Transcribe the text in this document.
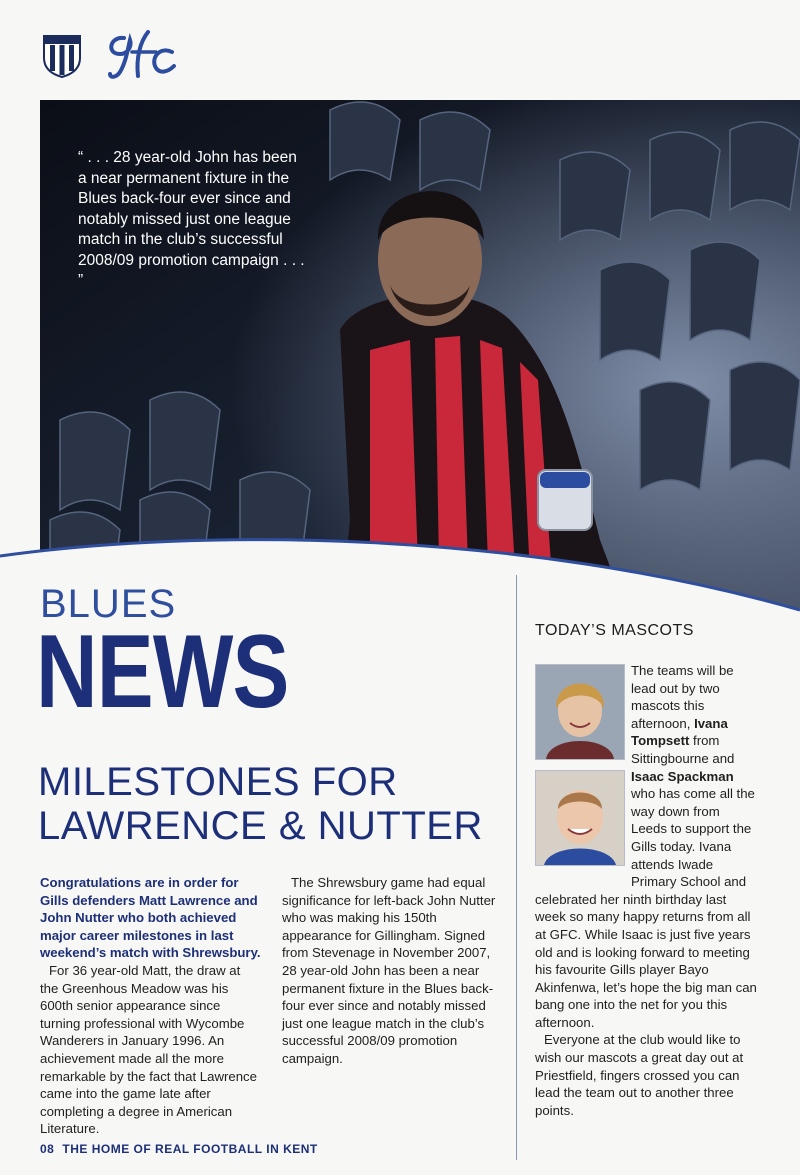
“ . . . 28 year-old John has been a near permanent fixture in the Blues back-four ever since and notably missed just one league match in the club’s successful 2008/09 promotion campaign . . . ”
BLUES
NEWS
MILESTONES FOR LAWRENCE & NUTTER

Congratulations are in order for Gills defenders Matt Lawrence and John Nutter who both achieved major career milestones in last weekend’s match with Shrewsbury.

For 36 year-old Matt, the draw at the Greenhous Meadow was his 600th senior appearance since turning professional with Wycombe Wanderers in January 1996. An achievement made all the more remarkable by the fact that Lawrence came into the game late after completing a degree in American Literature.

The Shrewsbury game had equal significance for left-back John Nutter who was making his 150th appearance for Gillingham. Signed from Stevenage in November 2007, 28 year-old John has been a near permanent fixture in the Blues back-four ever since and notably missed just one league match in the club’s successful 2008/09 promotion campaign.

TODAY’S MASCOTS

The teams will be lead out by two mascots this afternoon, Ivana Tompsett from Sittingbourne and Isaac Spackman who has come all the way down from Leeds to support the Gills today. Ivana attends Iwade Primary School and celebrated her ninth birthday last week so many happy returns from all at GFC. While Isaac is just five years old and is looking forward to meeting his favourite Gills player Bayo Akinfenwa, let’s hope the big man can bang one into the net for you this afternoon.

Everyone at the club would like to wish our mascots a great day out at Priestfield, fingers crossed you can lead the team out to another three points.

08 THE HOME OF REAL FOOTBALL IN KENT
